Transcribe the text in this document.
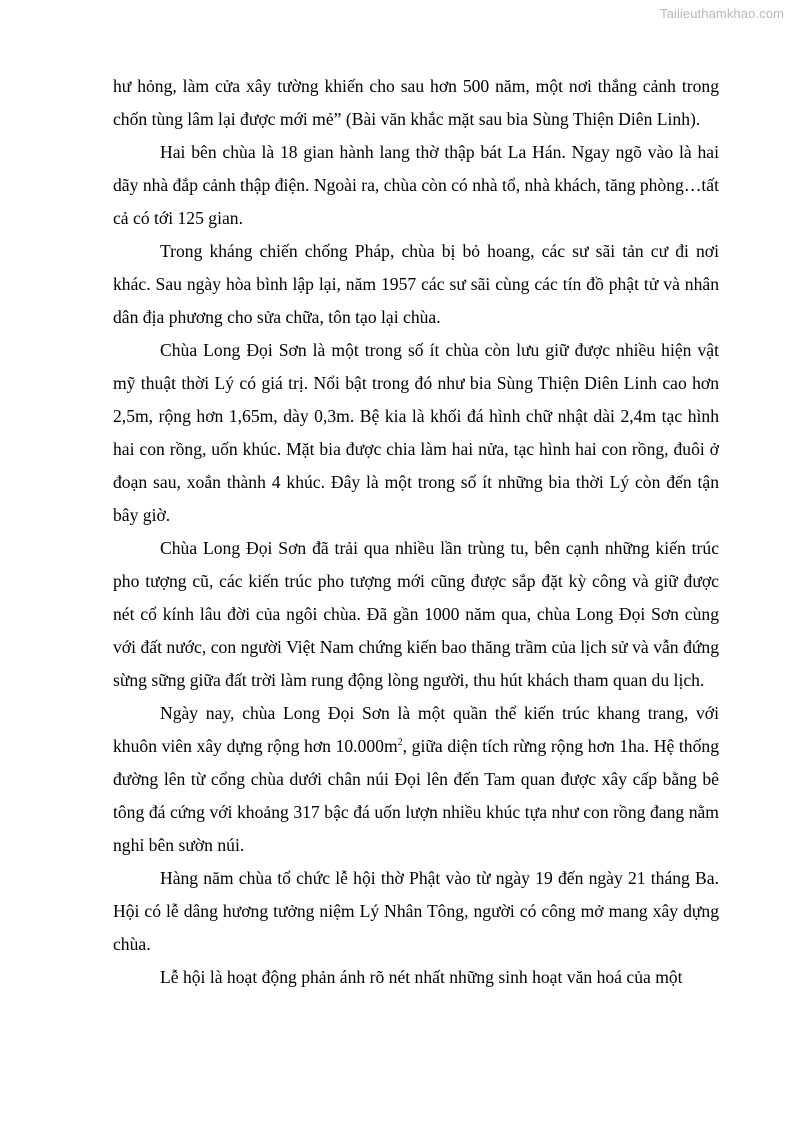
Tailieuthamkhao.com

hư hỏng, làm cửa xây tường khiến cho sau hơn 500 năm, một nơi thắng cảnh trong chốn tùng lâm lại được mới mẻ” (Bài văn khắc mặt sau bia Sùng Thiện Diên Linh).

Hai bên chùa là 18 gian hành lang thờ thập bát La Hán. Ngay ngõ vào là hai dãy nhà đắp cảnh thập điện. Ngoài ra, chùa còn có nhà tổ, nhà khách, tăng phòng…tất cả có tới 125 gian.

Trong kháng chiến chống Pháp, chùa bị bỏ hoang, các sư sãi tản cư đi nơi khác. Sau ngày hòa bình lập lại, năm 1957 các sư sãi cùng các tín đồ phật tử và nhân dân địa phương cho sửa chữa, tôn tạo lại chùa.

Chùa Long Đọi Sơn là một trong số ít chùa còn lưu giữ được nhiều hiện vật mỹ thuật thời Lý có giá trị. Nổi bật trong đó như bia Sùng Thiện Diên Linh cao hơn 2,5m, rộng hơn 1,65m, dày 0,3m. Bệ kia là khối đá hình chữ nhật dài 2,4m tạc hình hai con rồng, uốn khúc. Mặt bia được chia làm hai nửa, tạc hình hai con rồng, đuôi ở đoạn sau, xoắn thành 4 khúc. Đây là một trong số ít những bia thời Lý còn đến tận bây giờ.

Chùa Long Đọi Sơn đã trải qua nhiều lần trùng tu, bên cạnh những kiến trúc pho tượng cũ, các kiến trúc pho tượng mới cũng được sắp đặt kỳ công và giữ được nét cổ kính lâu đời của ngôi chùa. Đã gần 1000 năm qua, chùa Long Đọi Sơn cùng với đất nước, con người Việt Nam chứng kiến bao thăng trầm của lịch sử và vẫn đứng sừng sững giữa đất trời làm rung động lòng người, thu hút khách tham quan du lịch.

Ngày nay, chùa Long Đọi Sơn là một quần thể kiến trúc khang trang, với khuôn viên xây dựng rộng hơn $10.000m^2$, giữa diện tích rừng rộng hơn 1ha. Hệ thống đường lên từ cổng chùa dưới chân núi Đọi lên đến Tam quan được xây cấp bằng bê tông đá cứng với khoảng 317 bậc đá uốn lượn nhiều khúc tựa như con rồng đang nằm nghỉ bên sườn núi.

Hàng năm chùa tổ chức lễ hội thờ Phật vào từ ngày 19 đến ngày 21 tháng Ba. Hội có lễ dâng hương tưởng niệm Lý Nhân Tông, người có công mở mang xây dựng chùa.

Lễ hội là hoạt động phản ánh rõ nét nhất những sinh hoạt văn hoá của một
